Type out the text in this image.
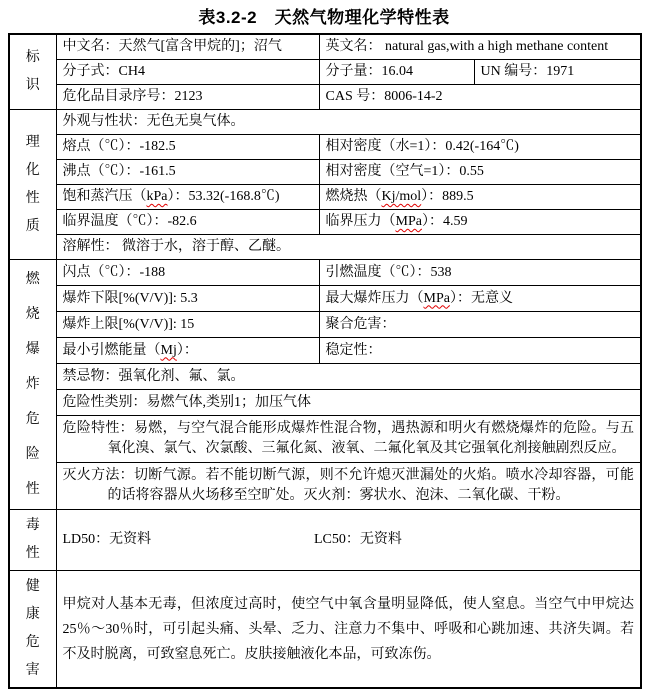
表3.2-2　天然气物理化学特性表
标识	中文名：天然气[富含甲烷的]；沼气	英文名： natural gas,with a high methane content	
	分子式：CH4	分子量：16.04	UN 编号：1971
	危化品目录序号：2123	CAS 号：8006-14-2	

理化性质	外观与性状：无色无臭气体。		
	熔点（℃）：-182.5	相对密度（水=1）：0.42(-164℃)	
	沸点（℃）：-161.5	相对密度（空气=1）：0.55	
	饱和蒸汽压（kPa）：53.32(-168.8℃)	燃烧热（Kj/mol）：889.5	
	临界温度（℃）：-82.6	临界压力（MPa）：4.59	
	溶解性： 微溶于水，溶于醇、乙醚。		

燃烧爆炸危险性	闪点（℃）：-188	引燃温度（℃）：538	
	爆炸下限[%(V/V)]: 5.3	最大爆炸压力（MPa）：无意义	
	爆炸上限[%(V/V)]: 15	聚合危害：	
	最小引燃能量（Mj）：	稳定性：	
	禁忌物：强氧化剂、氟、氯。		
	危险性类别：易燃气体,类别1；加压气体		
	危险特性：易燃，与空气混合能形成爆炸性混合物，遇热源和明火有燃烧爆炸的危险。与五氧化溴、氯气、次氯酸、三氟化氮、液氧、二氟化氧及其它强氧化剂接触剧烈反应。		
	灭火方法：切断气源。若不能切断气源，则不允许熄灭泄漏处的火焰。喷水冷却容器，可能的话将容器从火场移至空旷处。灭火剂：雾状水、泡沫、二氧化碳、干粉。		

毒性	LD50：无资料 LC50：无资料		

健康危害	甲烷对人基本无毒，但浓度过高时，使空气中氧含量明显降低，使人窒息。当空气中甲烷达25％～30％时，可引起头痛、头晕、乏力、注意力不集中、呼吸和心跳加速、共济失调。若不及时脱离，可致窒息死亡。皮肤接触液化本品，可致冻伤。		
